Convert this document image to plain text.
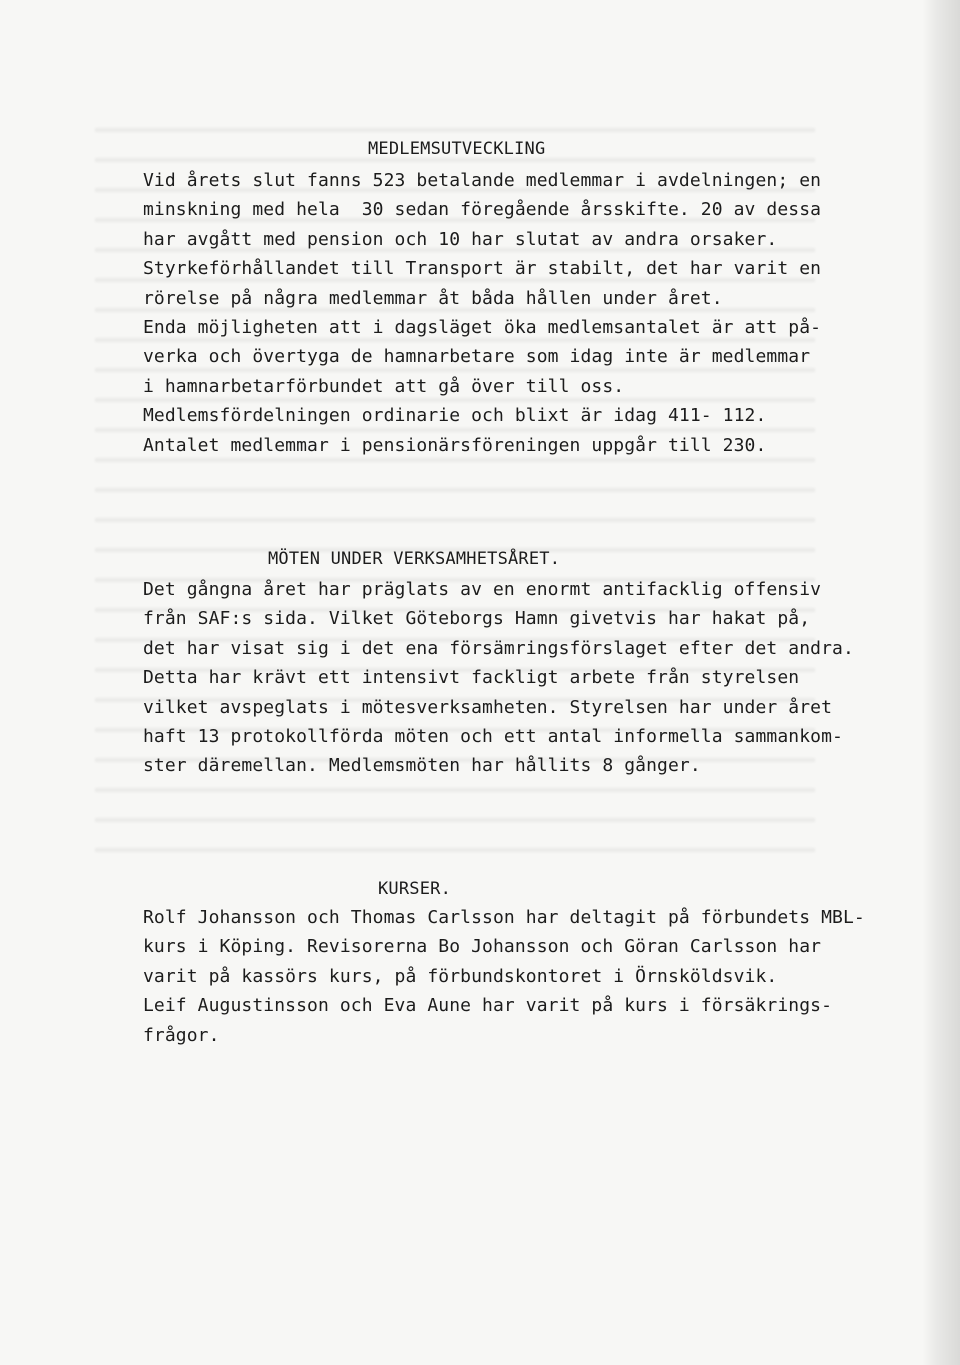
MEDLEMSUTVECKLING

Vid årets slut fanns 523 betalande medlemmar i avdelningen; en

minskning med hela  30 sedan föregående årsskifte. 20 av dessa

har avgått med pension och 10 har slutat av andra orsaker.

Styrkeförhållandet till Transport är stabilt, det har varit en

rörelse på några medlemmar åt båda hållen under året.

Enda möjligheten att i dagsläget öka medlemsantalet är att på-

verka och övertyga de hamnarbetare som idag inte är medlemmar

i hamnarbetarförbundet att gå över till oss.

Medlemsfördelningen ordinarie och blixt är idag 411- 112.

Antalet medlemmar i pensionärsföreningen uppgår till 230.

MÖTEN UNDER VERKSAMHETSÅRET.

Det gångna året har präglats av en enormt antifacklig offensiv

från SAF:s sida. Vilket Göteborgs Hamn givetvis har hakat på,

det har visat sig i det ena försämringsförslaget efter det andra.

Detta har krävt ett intensivt fackligt arbete från styrelsen

vilket avspeglats i mötesverksamheten. Styrelsen har under året

haft 13 protokollförda möten och ett antal informella sammankom-

ster däremellan. Medlemsmöten har hållits 8 gånger.

KURSER.

Rolf Johansson och Thomas Carlsson har deltagit på förbundets MBL-

kurs i Köping. Revisorerna Bo Johansson och Göran Carlsson har

varit på kassörs kurs, på förbundskontoret i Örnsköldsvik.

Leif Augustinsson och Eva Aune har varit på kurs i försäkrings-

frågor.
